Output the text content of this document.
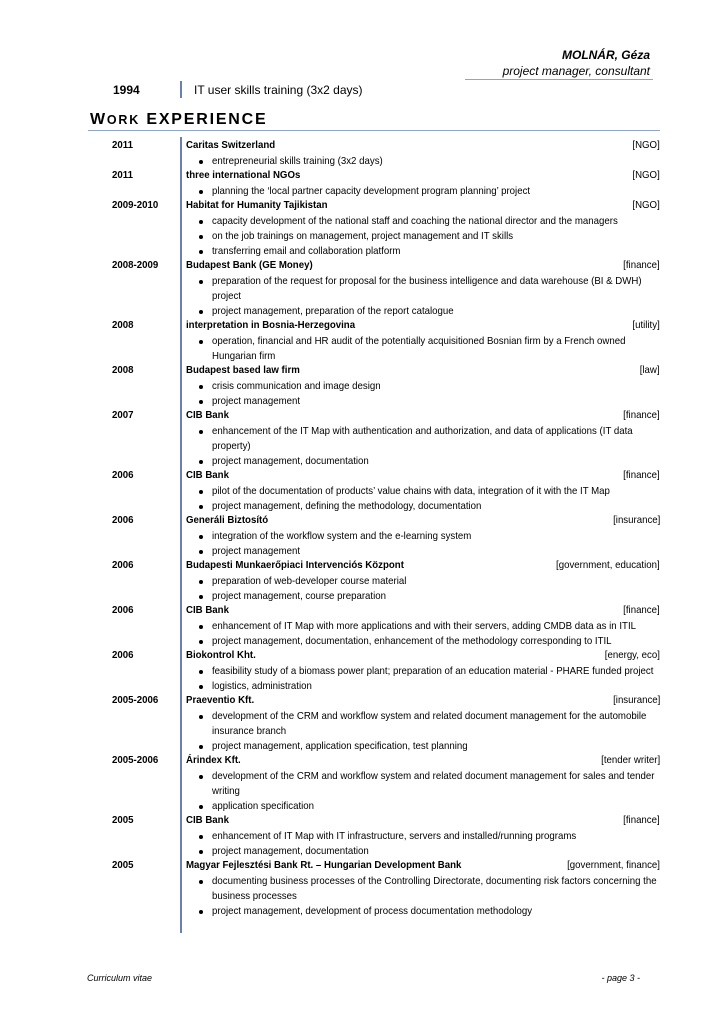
MOLNÁR, Géza
project manager, consultant
1994	IT user skills training (3x2 days)
WORK EXPERIENCE
2011	Caritas Switzerland	[NGO]
entrepreneurial skills training (3x2 days)
2011	three international NGOs	[NGO]
planning the ‘local partner capacity development program planning’ project
2009-2010	Habitat for Humanity Tajikistan	[NGO]
capacity development of the national staff and coaching the national director and the managers
on the job trainings on management, project management and IT skills
transferring email and collaboration platform
2008-2009	Budapest Bank (GE Money)	[finance]
preparation of the request for proposal for the business intelligence and data warehouse (BI & DWH) project
project management, preparation of the report catalogue
2008	interpretation in Bosnia-Herzegovina	[utility]
operation, financial and HR audit of the potentially acquisitioned Bosnian firm by a French owned Hungarian firm
2008	Budapest based law firm	[law]
crisis communication and image design
project management
2007	CIB Bank	[finance]
enhancement of the IT Map with authentication and authorization, and data of applications (IT data property)
project management, documentation
2006	CIB Bank	[finance]
pilot of the documentation of products’ value chains with data, integration of it with the IT Map
project management, defining the methodology, documentation
2006	Generáli Biztosító	[insurance]
integration of the workflow system and the e-learning system
project management
2006	Budapesti Munkaerőpiaci Intervenciós Központ	[government, education]
preparation of web-developer course material
project management, course preparation
2006	CIB Bank	[finance]
enhancement of IT Map with more applications and with their servers, adding CMDB data as in ITIL
project management, documentation, enhancement of the methodology corresponding to ITIL
2006	Biokontrol Kht.	[energy, eco]
feasibility study of a biomass power plant; preparation of an education material - PHARE funded project
logistics, administration
2005-2006	Praeventio Kft.	[insurance]
development of the CRM and workflow system and related document management for the automobile insurance branch
project management, application specification, test planning
2005-2006	Árindex Kft.	[tender writer]
development of the CRM and workflow system and related document management for sales and tender writing
application specification
2005	CIB Bank	[finance]
enhancement of IT Map with IT infrastructure, servers and installed/running programs
project management, documentation
2005	Magyar Fejlesztési Bank Rt. – Hungarian Development Bank	[government, finance]
documenting business processes of the Controlling Directorate, documenting risk factors concerning the business processes
project management, development of process documentation methodology
Curriculum vitae	- page 3 -
